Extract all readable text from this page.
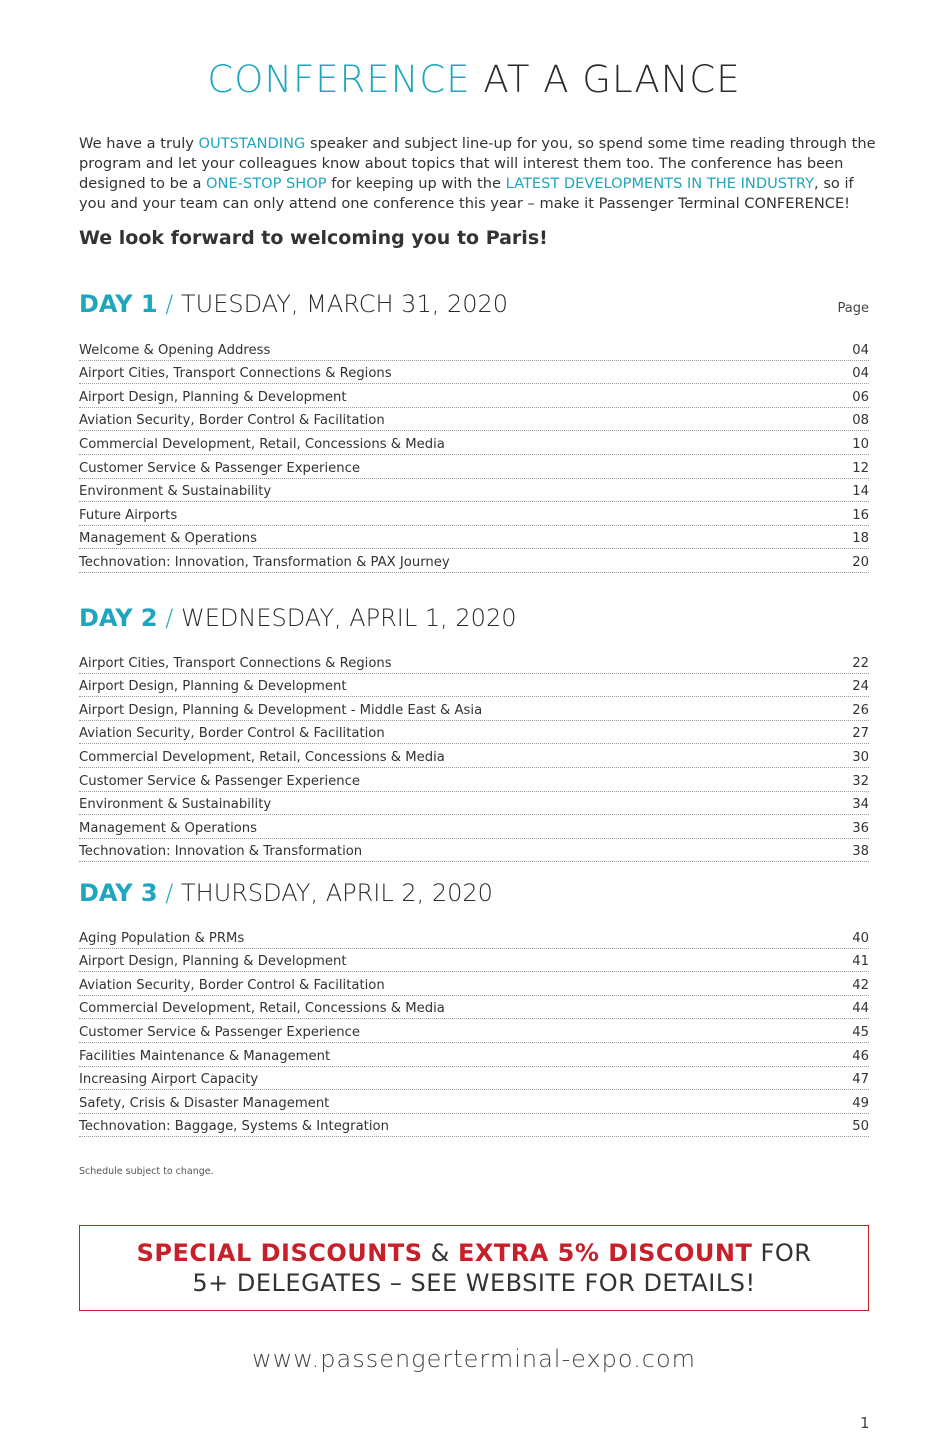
CONFERENCE AT A GLANCE
We have a truly OUTSTANDING speaker and subject line-up for you, so spend some time reading through the program and let your colleagues know about topics that will interest them too. The conference has been designed to be a ONE-STOP SHOP for keeping up with the LATEST DEVELOPMENTS IN THE INDUSTRY, so if you and your team can only attend one conference this year – make it Passenger Terminal CONFERENCE!
We look forward to welcoming you to Paris!
DAY 1 / TUESDAY, MARCH 31, 2020	Page
Welcome & Opening Address	04
Airport Cities, Transport Connections & Regions	04
Airport Design, Planning & Development	06
Aviation Security, Border Control & Facilitation	08
Commercial Development, Retail, Concessions & Media	10
Customer Service & Passenger Experience	12
Environment & Sustainability	14
Future Airports	16
Management & Operations	18
Technovation: Innovation, Transformation & PAX Journey	20
DAY 2 / WEDNESDAY, APRIL 1, 2020
Airport Cities, Transport Connections & Regions	22
Airport Design, Planning & Development	24
Airport Design, Planning & Development - Middle East & Asia	26
Aviation Security, Border Control & Facilitation	27
Commercial Development, Retail, Concessions & Media	30
Customer Service & Passenger Experience	32
Environment & Sustainability	34
Management & Operations	36
Technovation: Innovation & Transformation	38
DAY 3 / THURSDAY, APRIL 2, 2020
Aging Population & PRMs	40
Airport Design, Planning & Development	41
Aviation Security, Border Control & Facilitation	42
Commercial Development, Retail, Concessions & Media	44
Customer Service & Passenger Experience	45
Facilities Maintenance & Management	46
Increasing Airport Capacity	47
Safety, Crisis & Disaster Management	49
Technovation: Baggage, Systems & Integration	50
Schedule subject to change.
SPECIAL DISCOUNTS & EXTRA 5% DISCOUNT FOR
5+ DELEGATES – SEE WEBSITE FOR DETAILS!
www.passengerterminal-expo.com
1
